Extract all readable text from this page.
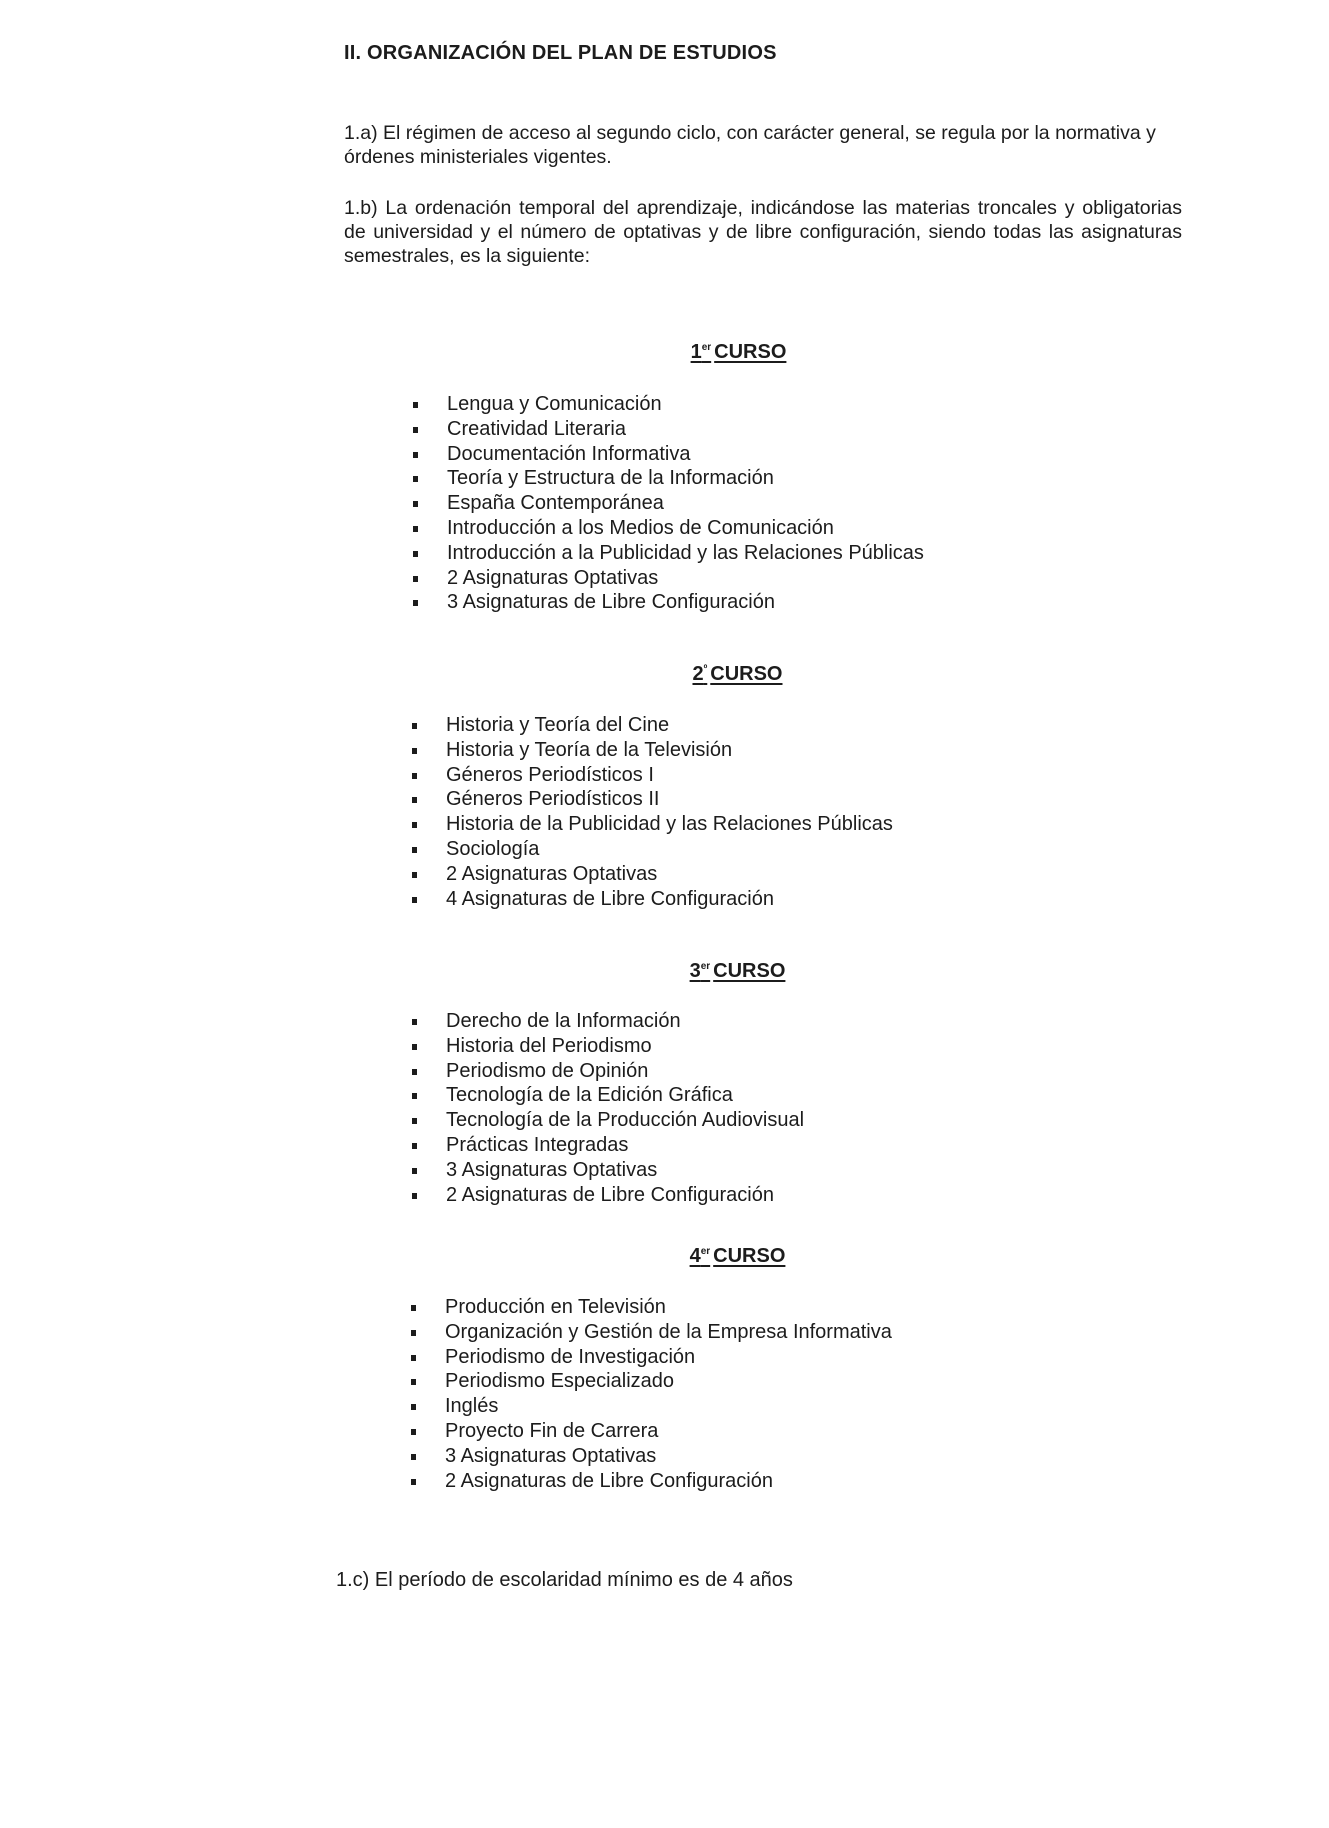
II. ORGANIZACIÓN DEL PLAN DE ESTUDIOS

1.a) El régimen de acceso al segundo ciclo, con carácter general, se regula por la normativa y órdenes ministeriales vigentes.

1.b) La ordenación temporal del aprendizaje, indicándose las materias troncales y obligatorias de universidad y el número de optativas y de libre configuración, siendo todas las asignaturas semestrales, es la siguiente:

1er CURSO
Lengua y Comunicación
Creatividad Literaria
Documentación Informativa
Teoría y Estructura de la Información
España Contemporánea
Introducción a los Medios de Comunicación
Introducción a la Publicidad y las Relaciones Públicas
2 Asignaturas Optativas
3 Asignaturas de Libre Configuración
$2^º$ CURSO
Historia y Teoría del Cine
Historia y Teoría de la Televisión
Géneros Periodísticos I
Géneros Periodísticos II
Historia de la Publicidad y las Relaciones Públicas
Sociología
2 Asignaturas Optativas
4 Asignaturas de Libre Configuración
3er CURSO
Derecho de la Información
Historia del Periodismo
Periodismo de Opinión
Tecnología de la Edición Gráfica
Tecnología de la Producción Audiovisual
Prácticas Integradas
3 Asignaturas Optativas
2 Asignaturas de Libre Configuración
4er CURSO
Producción en Televisión
Organización y Gestión de la Empresa Informativa
Periodismo de Investigación
Periodismo Especializado
Inglés
Proyecto Fin de Carrera
3 Asignaturas Optativas
2 Asignaturas de Libre Configuración

1.c) El período de escolaridad mínimo es de 4 años
